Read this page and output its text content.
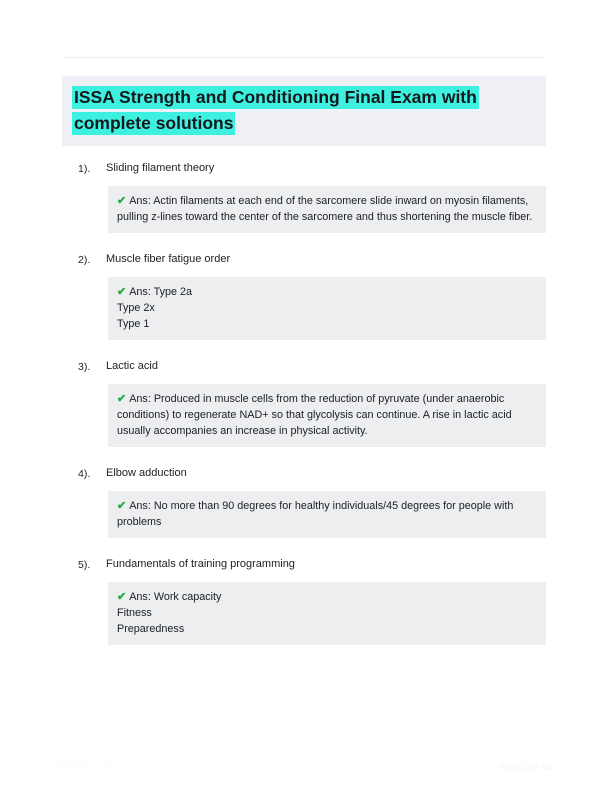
ISSA Strength and Conditioning Final Exam with complete solutions
1).	Sliding filament theory
✔ Ans: Actin filaments at each end of the sarcomere slide inward on myosin filaments, pulling z-lines toward the center of the sarcomere and thus shortening the muscle fiber.
2).	Muscle fiber fatigue order
✔ Ans: Type 2a
Type 2x
Type 1
3).	Lactic acid
✔ Ans: Produced in muscle cells from the reduction of pyruvate (under anaerobic conditions) to regenerate NAD+ so that glycolysis can continue. A rise in lactic acid usually accompanies an increase in physical activity.
4).	Elbow adduction
✔ Ans: No more than 90 degrees for healthy individuals/45 degrees for people with problems
5).	Fundamentals of training programming
✔ Ans: Work capacity
Fitness
Preparedness
PaperStic.com	Page 1 of 49
